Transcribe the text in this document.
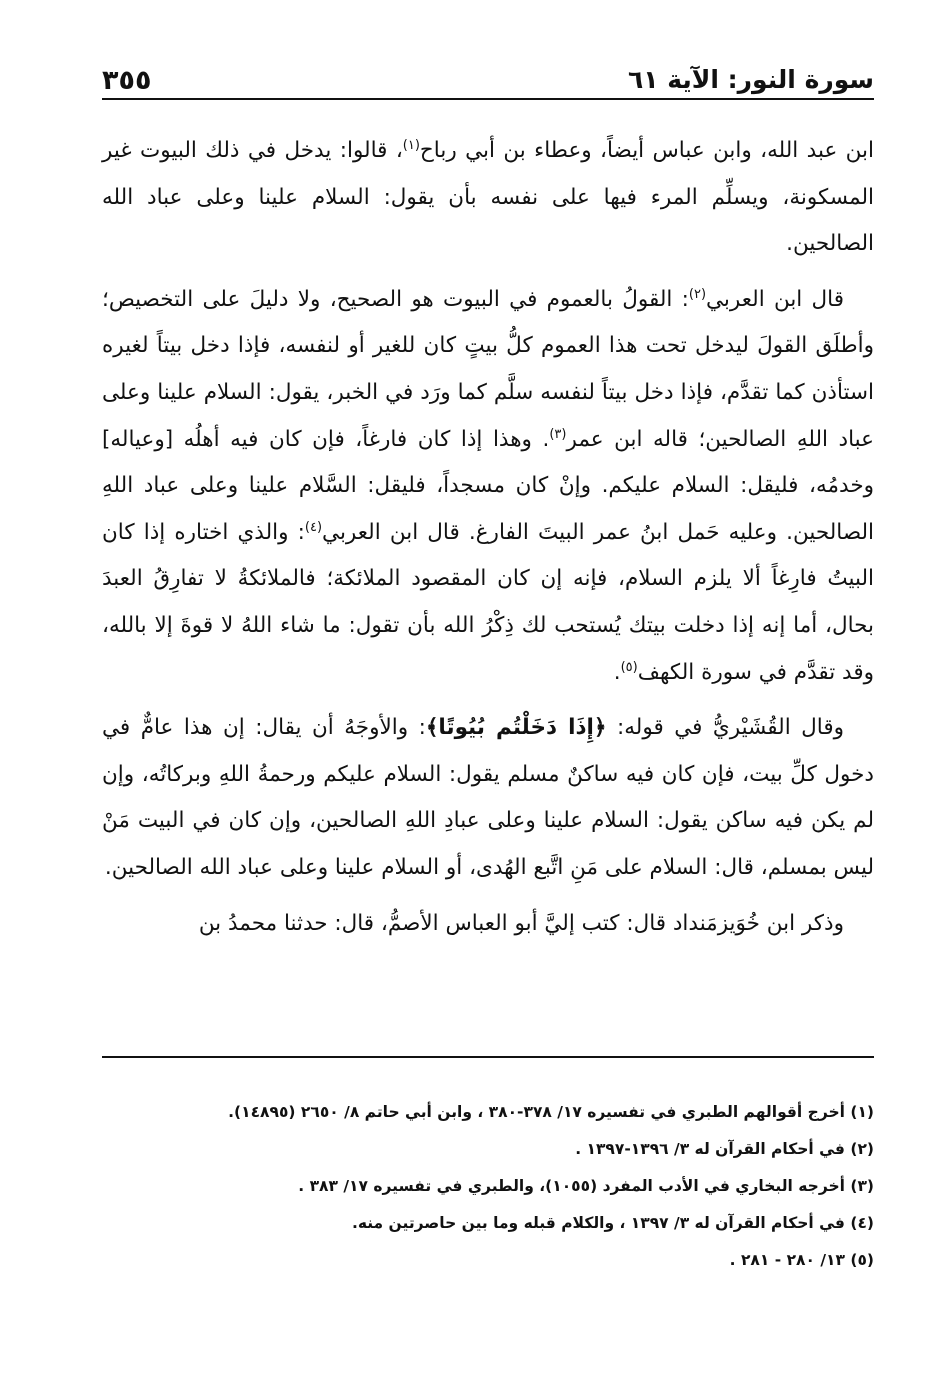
سورة النور: الآية ٦١
٣٥٥

ابن عبد الله، وابن عباس أيضاً، وعطاء بن أبي رباح$^{(١)}$، قالوا: يدخل في ذلك البيوت غير المسكونة، ويسلِّم المرء فيها على نفسه بأن يقول: السلام علينا وعلى عباد الله الصالحين.

قال ابن العربي$^{(٢)}$: القولُ بالعموم في البيوت هو الصحيح، ولا دليلَ على التخصيص؛ وأطلَق القولَ ليدخل تحت هذا العموم كلُّ بيتٍ كان للغير أو لنفسه، فإذا دخل بيتاً لغيره استأذن كما تقدَّم، فإذا دخل بيتاً لنفسه سلَّم كما ورَد في الخبر، يقول: السلام علينا وعلى عباد اللهِ الصالحين؛ قاله ابن عمر$^{(٣)}$. وهذا إذا كان فارغاً، فإن كان فيه أهلُه [وعياله] وخدمُه، فليقل: السلام عليكم. وإنْ كان مسجداً، فليقل: السَّلام علينا وعلى عباد اللهِ الصالحين. وعليه حَمل ابنُ عمر البيتَ الفارغ. قال ابن العربي$^{(٤)}$: والذي اختاره إذا كان البيتُ فارِغاً ألا يلزم السلام، فإنه إن كان المقصود الملائكة؛ فالملائكةُ لا تفارِقُ العبدَ بحال، أما إنه إذا دخلت بيتك يُستحب لك ذِكْرُ الله بأن تقول: ما شاء اللهُ لا قوةَ إلا بالله، وقد تقدَّم في سورة الكهف$^{(٥)}$.

وقال القُشَيْريُّ في قوله: ﴿إِذَا دَخَلْتُم بُيُوتًا﴾: والأوجَهُ أن يقال: إن هذا عامٌّ في دخول كلِّ بيت، فإن كان فيه ساكنٌ مسلم يقول: السلام عليكم ورحمةُ اللهِ وبركاتُه، وإن لم يكن فيه ساكن يقول: السلام علينا وعلى عبادِ اللهِ الصالحين، وإن كان في البيت مَنْ ليس بمسلم، قال: السلام على مَنِ اتَّبع الهُدى، أو السلام علينا وعلى عباد الله الصالحين.

وذكر ابن خُوَيزمَنداد قال: كتب إليَّ أبو العباس الأصمُّ، قال: حدثنا محمدُ بن

(١) أخرج أقوالهم الطبري في تفسيره ١٧/ ٣٧٨-٣٨٠ ، وابن أبي حاتم ٨/ ٢٦٥٠ (١٤٨٩٥).

(٢) في أحكام القرآن له ٣/ ١٣٩٦-١٣٩٧ .

(٣) أخرجه البخاري في الأدب المفرد (١٠٥٥)، والطبري في تفسيره ١٧/ ٣٨٣ .

(٤) في أحكام القرآن له ٣/ ١٣٩٧ ، والكلام قبله وما بين حاصرتين منه.

(٥) ١٣/ ٢٨٠ - ٢٨١ .
